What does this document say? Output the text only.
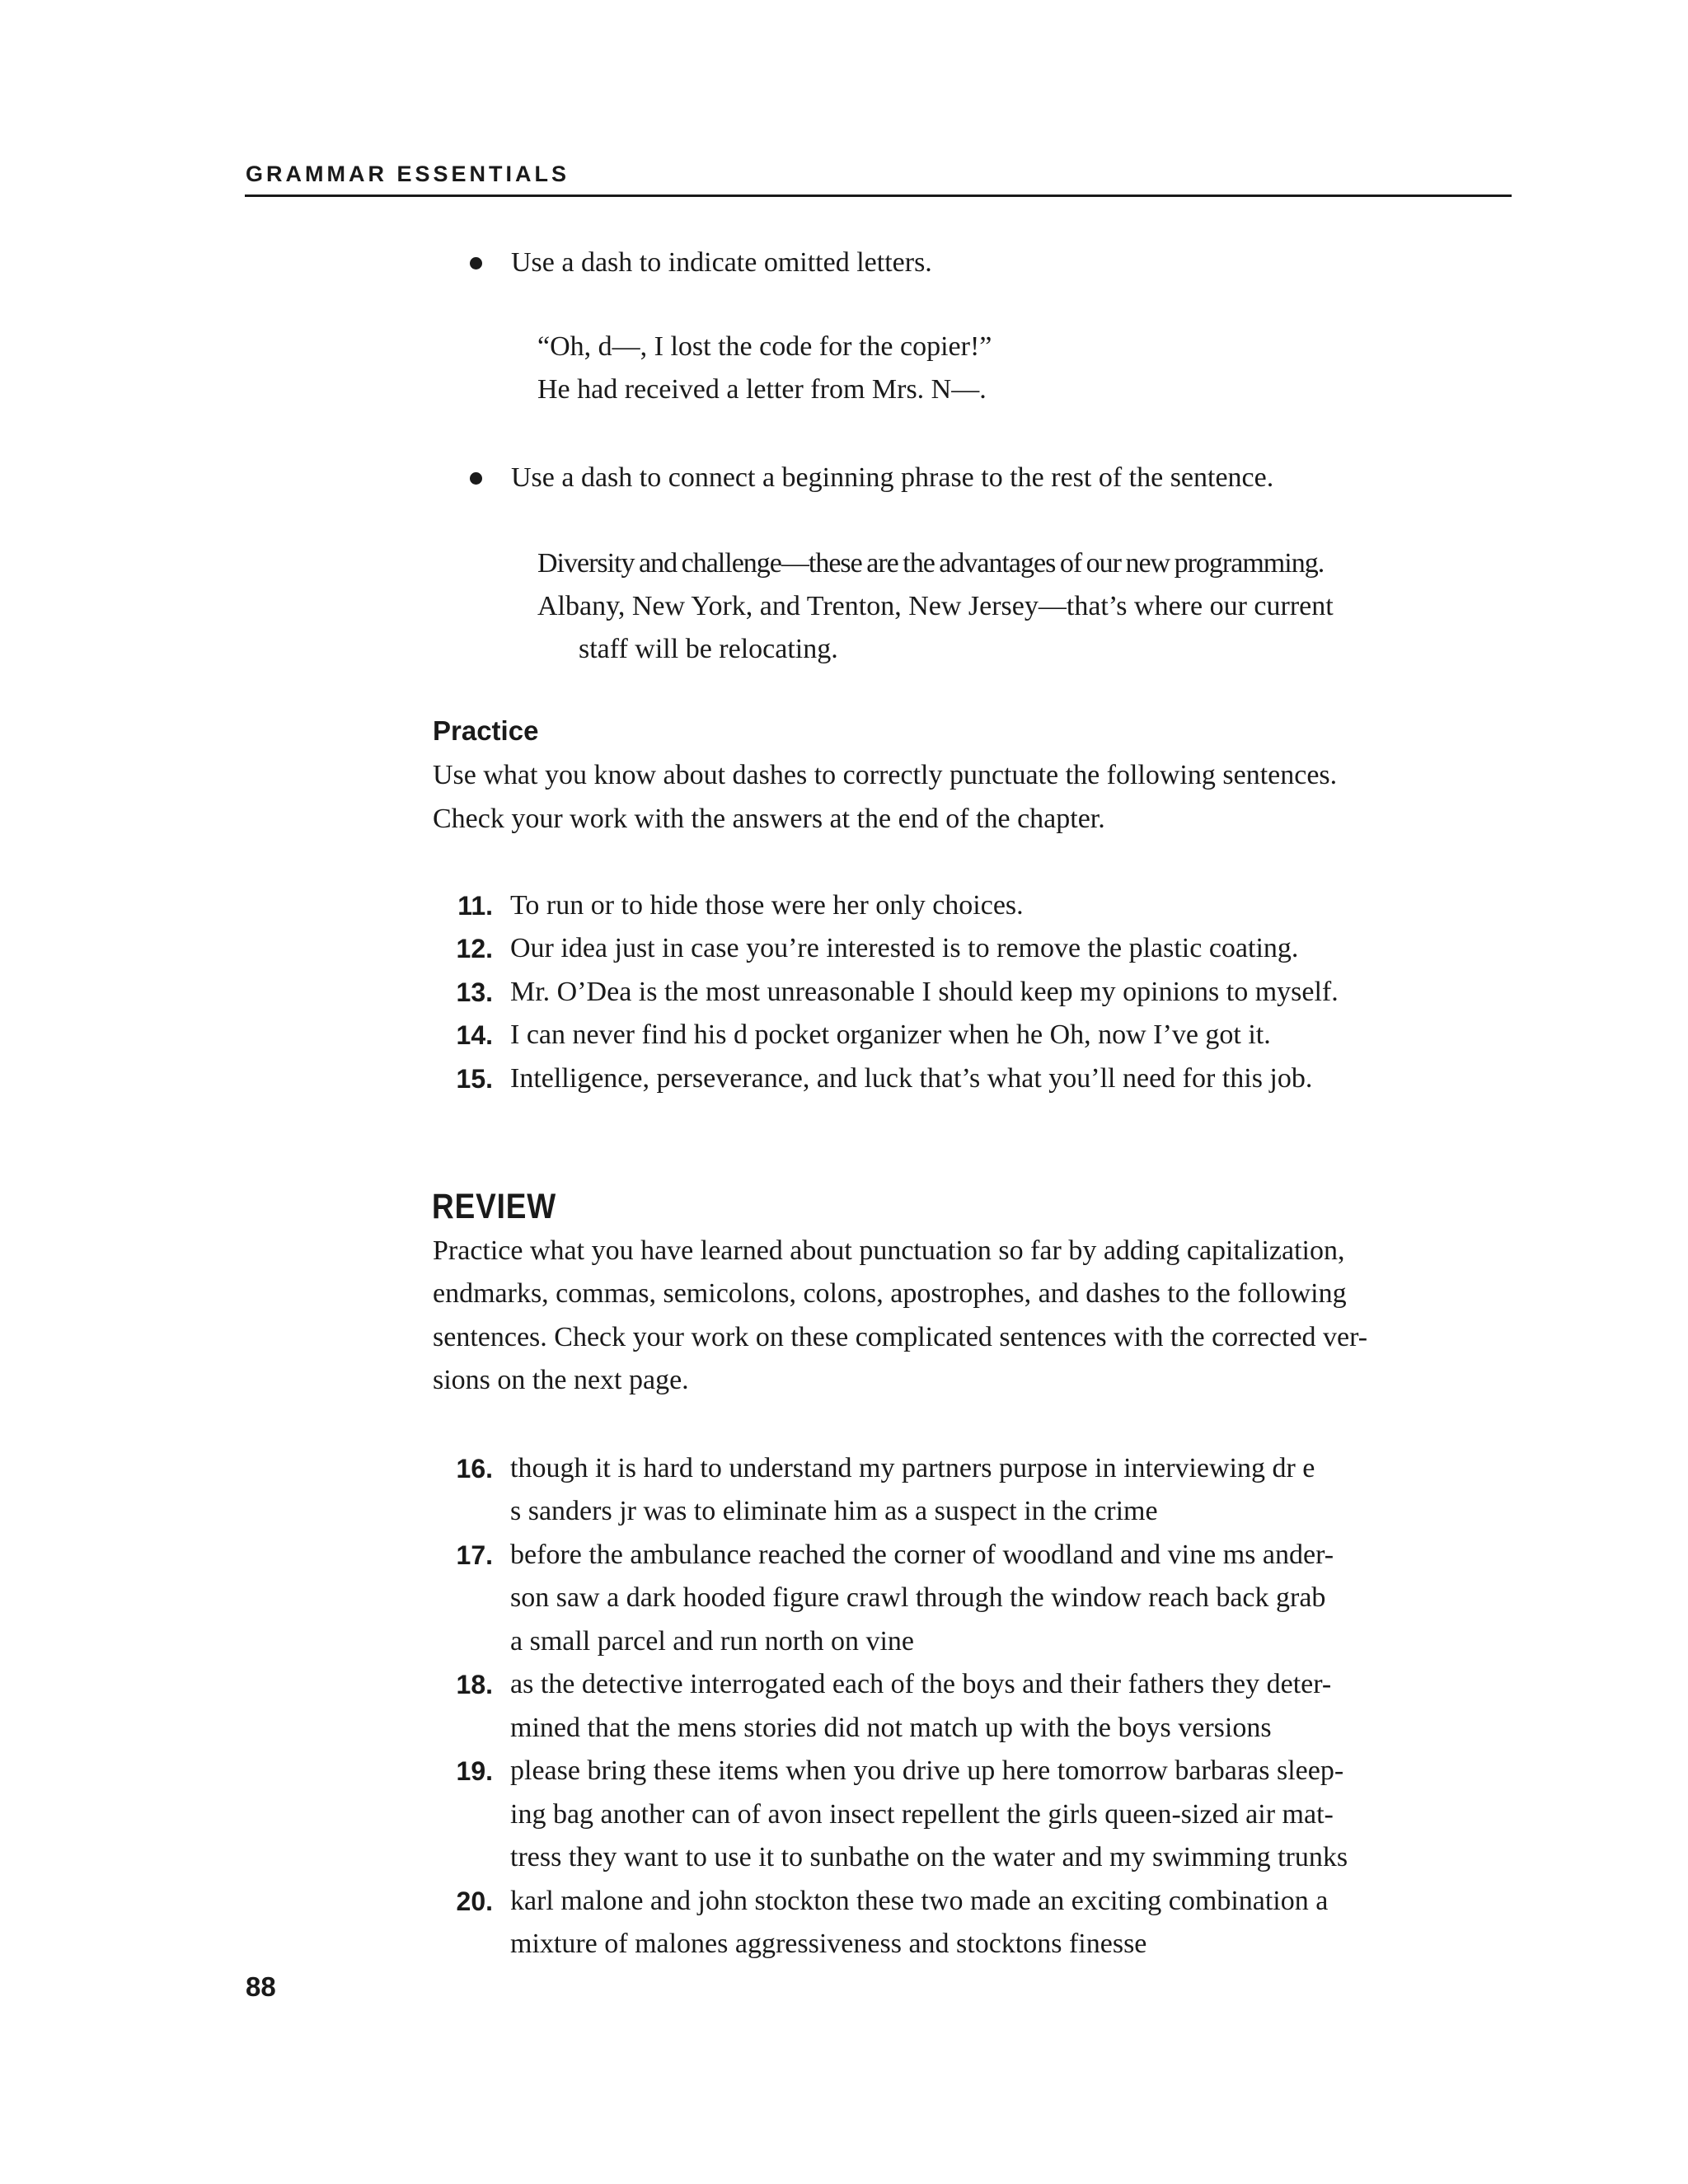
GRAMMAR ESSENTIALS
Use a dash to indicate omitted letters.
“Oh, d—, I lost the code for the copier!”
He had received a letter from Mrs. N—.
Use a dash to connect a beginning phrase to the rest of the sentence.
Diversity and challenge—these are the advantages of our new programming.
Albany, New York, and Trenton, New Jersey—that’s where our current
staff will be relocating.
Practice
Use what you know about dashes to correctly punctuate the following sentences.
Check your work with the answers at the end of the chapter.
11. To run or to hide those were her only choices.
12. Our idea just in case you’re interested is to remove the plastic coating.
13. Mr. O’Dea is the most unreasonable I should keep my opinions to myself.
14. I can never find his d pocket organizer when he Oh, now I’ve got it.
15. Intelligence, perseverance, and luck that’s what you’ll need for this job.
REVIEW
Practice what you have learned about punctuation so far by adding capitalization,
endmarks, commas, semicolons, colons, apostrophes, and dashes to the following
sentences. Check your work on these complicated sentences with the corrected ver-
sions on the next page.
16. though it is hard to understand my partners purpose in interviewing dr e
s sanders jr was to eliminate him as a suspect in the crime
17. before the ambulance reached the corner of woodland and vine ms ander-
son saw a dark hooded figure crawl through the window reach back grab
a small parcel and run north on vine
18. as the detective interrogated each of the boys and their fathers they deter-
mined that the mens stories did not match up with the boys versions
19. please bring these items when you drive up here tomorrow barbaras sleep-
ing bag another can of avon insect repellent the girls queen-sized air mat-
tress they want to use it to sunbathe on the water and my swimming trunks
20. karl malone and john stockton these two made an exciting combination a
mixture of malones aggressiveness and stocktons finesse
88
